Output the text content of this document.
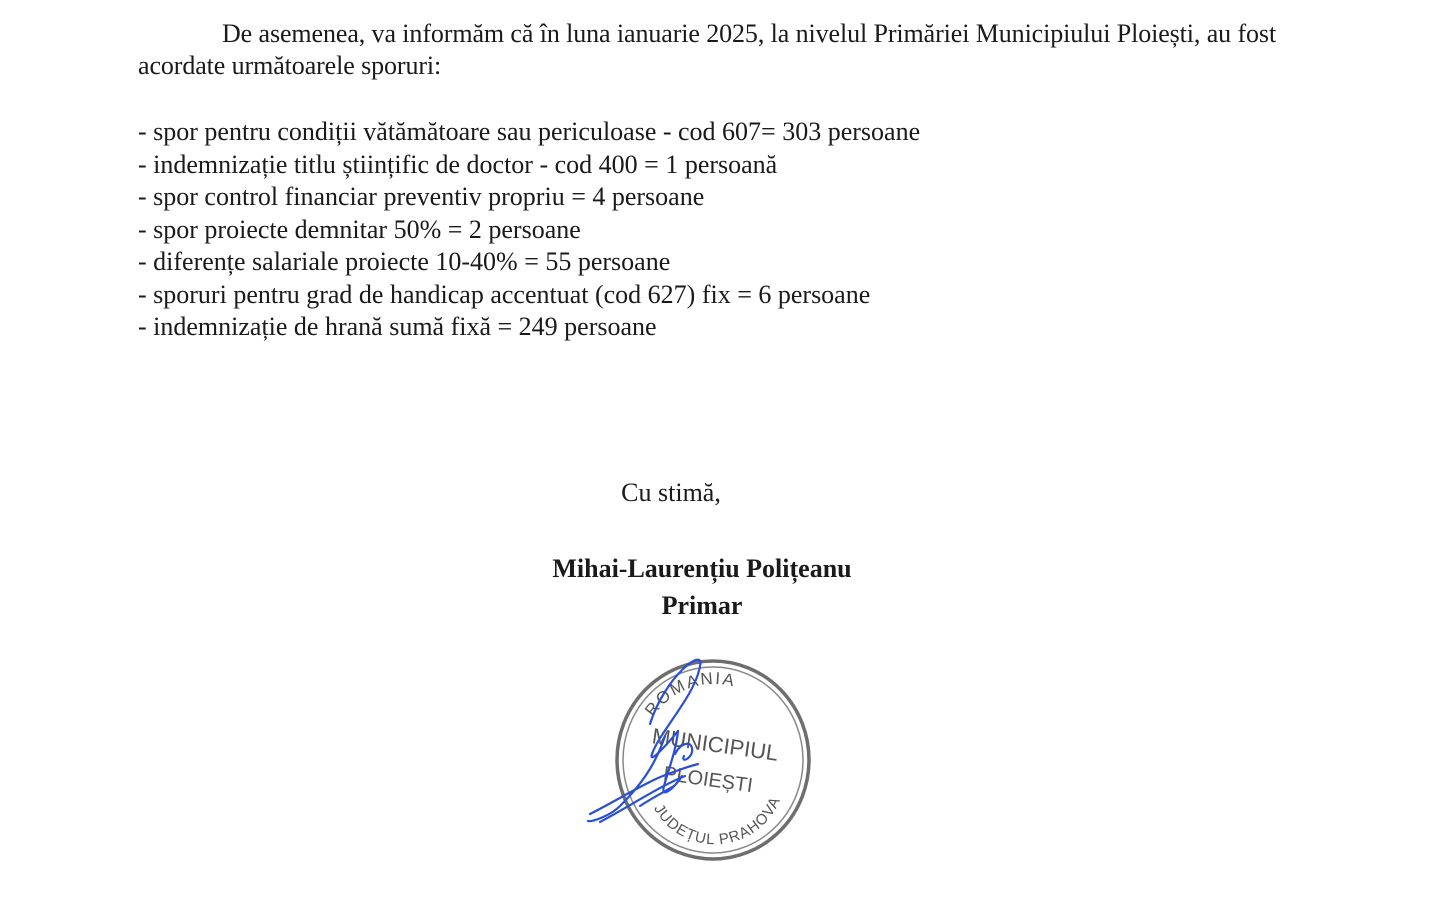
De asemenea, va informăm că în luna ianuarie 2025, la nivelul Primăriei Municipiului Ploiești, au fost acordate următoarele sporuri:

- spor pentru condiții vătămătoare sau periculoase - cod 607= 303 persoane
- indemnizație titlu științific de doctor - cod 400 = 1 persoană
- spor control financiar preventiv propriu = 4 persoane
- spor proiecte demnitar 50% = 2 persoane
- diferențe salariale proiecte 10-40% = 55 persoane
- sporuri pentru grad de handicap accentuat (cod 627) fix = 6 persoane
- indemnizație de hrană sumă fixă = 249 persoane

Cu stimă,

Mihai-Laurențiu Polițeanu

Primar

ROMANIA
MUNICIPIUL
PLOIEȘTI
JUDEȚUL PRAHOVA
